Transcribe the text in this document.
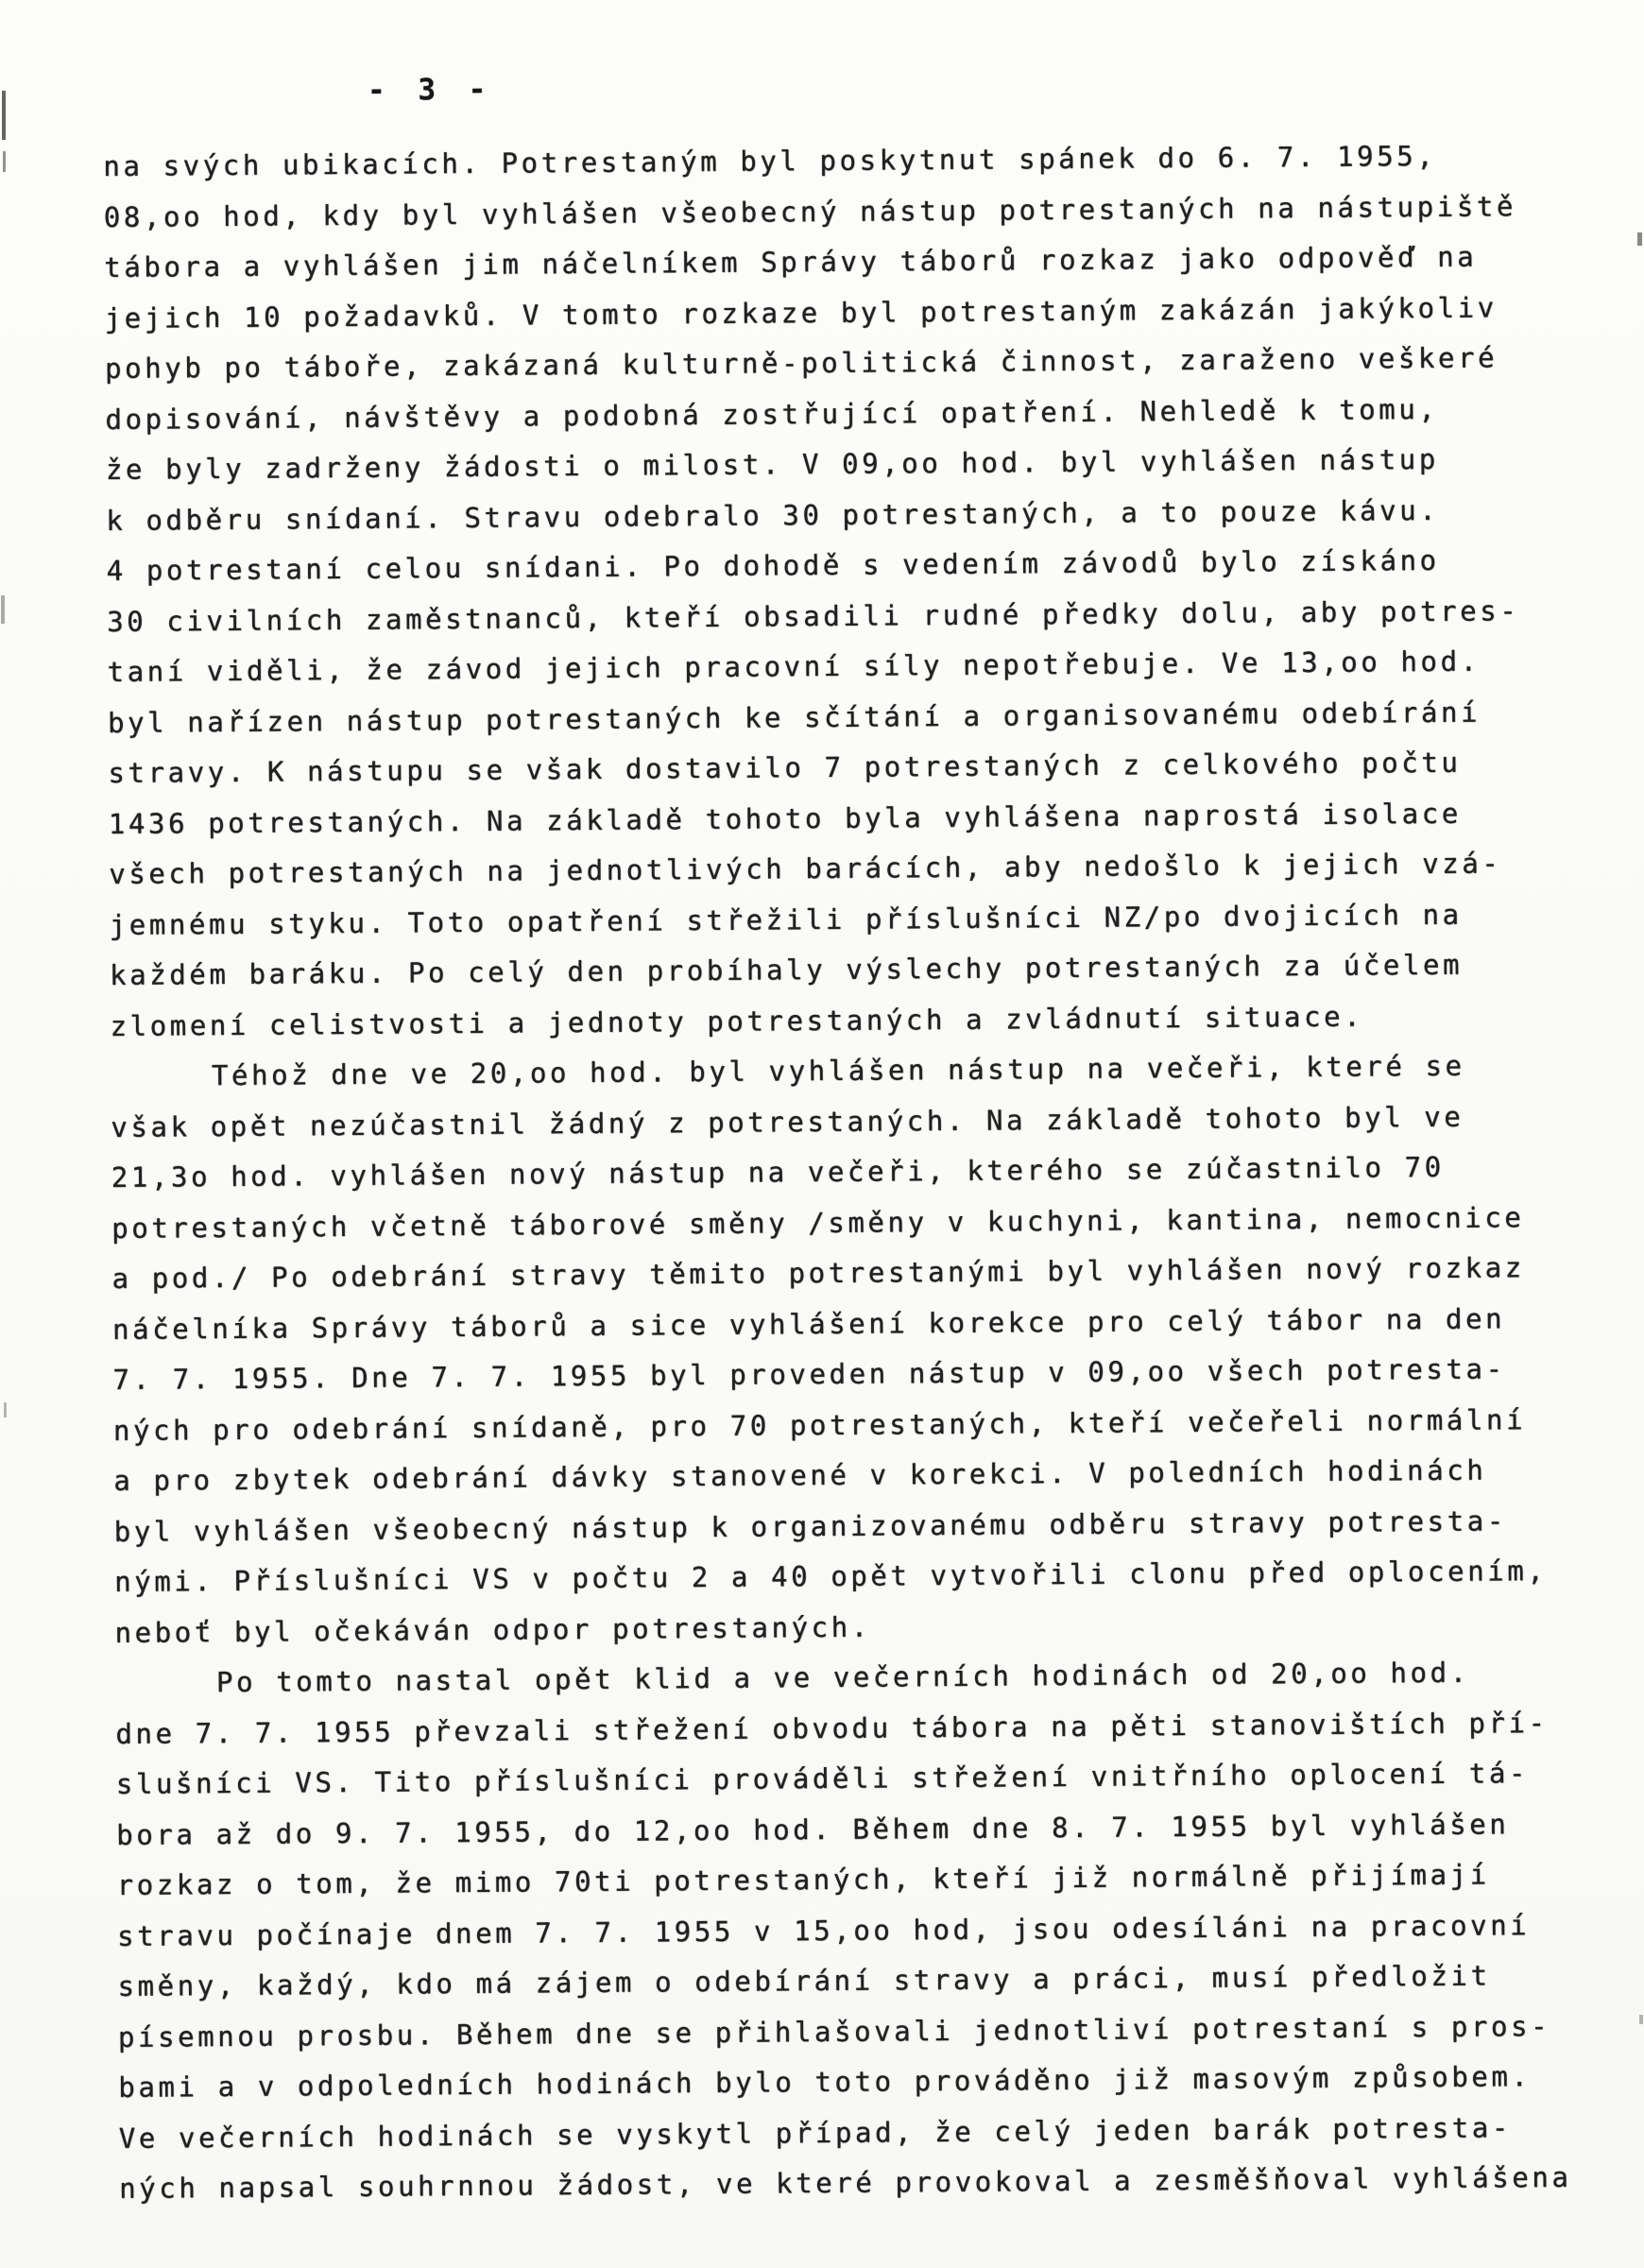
- 3 -
na svých ubikacích. Potrestaným byl poskytnut spánek do 6. 7. 1955,
08,oo hod, kdy byl vyhlášen všeobecný nástup potrestaných na nástupiště
tábora a vyhlášen jim náčelníkem Správy táborů rozkaz jako odpověď na
jejich 10 požadavků. V tomto rozkaze byl potrestaným zakázán jakýkoliv
pohyb po táboře, zakázaná kulturně-politická činnost, zaraženo veškeré
dopisování, návštěvy a podobná zostřující opatření. Nehledě k tomu,
že byly zadrženy žádosti o milost. V 09,oo hod. byl vyhlášen nástup
k odběru snídaní. Stravu odebralo 30 potrestaných, a to pouze kávu.
4 potrestaní celou snídani. Po dohodě s vedením závodů bylo získáno
30 civilních zaměstnanců, kteří obsadili rudné předky dolu, aby potres-
taní viděli, že závod jejich pracovní síly nepotřebuje. Ve 13,oo hod.
byl nařízen nástup potrestaných ke sčítání a organisovanému odebírání
stravy. K nástupu se však dostavilo 7 potrestaných z celkového počtu
1436 potrestaných. Na základě tohoto byla vyhlášena naprostá isolace
všech potrestaných na jednotlivých barácích, aby nedošlo k jejich vzá-
jemnému styku. Toto opatření střežili příslušníci NZ/po dvojicích na
každém baráku. Po celý den probíhaly výslechy potrestaných za účelem
zlomení celistvosti a jednoty potrestaných a zvládnutí situace.
Téhož dne ve 20,oo hod. byl vyhlášen nástup na večeři, které se
však opět nezúčastnil žádný z potrestaných. Na základě tohoto byl ve
21,3o hod. vyhlášen nový nástup na večeři, kterého se zúčastnilo 70
potrestaných včetně táborové směny /směny v kuchyni, kantina, nemocnice
a pod./ Po odebrání stravy těmito potrestanými byl vyhlášen nový rozkaz
náčelníka Správy táborů a sice vyhlášení korekce pro celý tábor na den
7. 7. 1955. Dne 7. 7. 1955 byl proveden nástup v 09,oo všech potresta-
ných pro odebrání snídaně, pro 70 potrestaných, kteří večeřeli normální
a pro zbytek odebrání dávky stanovené v korekci. V poledních hodinách
byl vyhlášen všeobecný nástup k organizovanému odběru stravy potresta-
nými. Příslušníci VS v počtu 2 a 40 opět vytvořili clonu před oplocením,
neboť byl očekáván odpor potrestaných.
Po tomto nastal opět klid a ve večerních hodinách od 20,oo hod.
dne 7. 7. 1955 převzali střežení obvodu tábora na pěti stanovištích pří-
slušníci VS. Tito příslušníci prováděli střežení vnitřního oplocení tá-
bora až do 9. 7. 1955, do 12,oo hod. Během dne 8. 7. 1955 byl vyhlášen
rozkaz o tom, že mimo 70ti potrestaných, kteří již normálně přijímají
stravu počínaje dnem 7. 7. 1955 v 15,oo hod, jsou odesíláni na pracovní
směny, každý, kdo má zájem o odebírání stravy a práci, musí předložit
písemnou prosbu. Během dne se přihlašovali jednotliví potrestaní s pros-
bami a v odpoledních hodinách bylo toto prováděno již masovým způsobem.
Ve večerních hodinách se vyskytl případ, že celý jeden barák potresta-
ných napsal souhrnnou žádost, ve které provokoval a zesměšňoval vyhlášena
